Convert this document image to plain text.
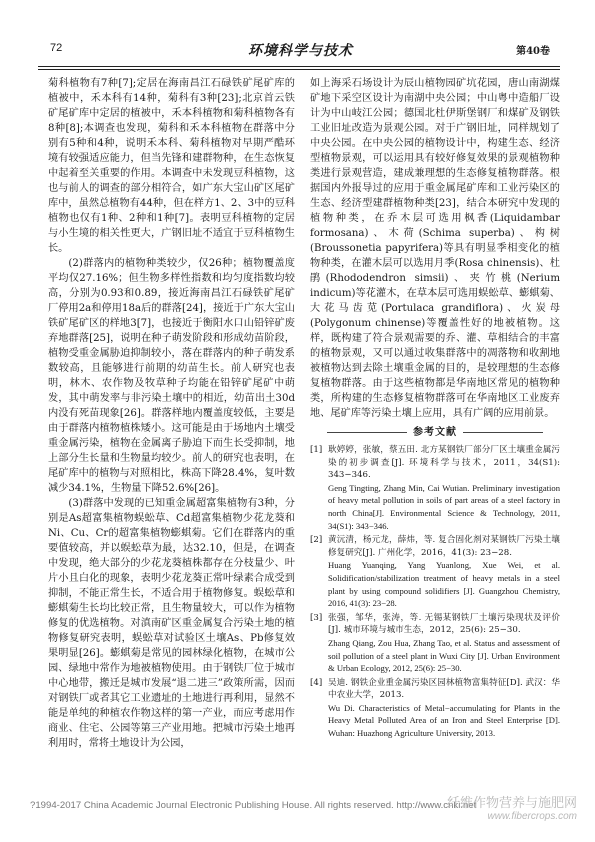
72	环境科学与技术	第40卷

菊科植物有7种[7];定居在海南昌江石碌铁矿尾矿库的植被中，禾本科有14种，菊科有3种[23];北京首云铁矿尾矿库中定居的植被中，禾本科植物和菊科植物各有8种[8];本调查也发现，菊科和禾本科植物在群落中分别有5种和4种，说明禾本科、菊科植物对早期严酷环境有较强适应能力，但当先锋和建群物种，在生态恢复中起着至关重要的作用。本调查中未发现豆科植物，这也与前人的调查的部分相符合，如广东大宝山矿区尾矿库中，虽然总植物有44种，但在样方1、2、3中的豆科植物也仅有1种、2种和1种[7]。表明豆科植物的定居与小生境的相关性更大，广钢旧址不适宜于豆科植物生长。

(2)群落内的植物种类较少，仅26种；植物覆盖度平均仅27.16%；但生物多样性指数和均匀度指数均较高，分别为0.93和0.89，接近海南昌江石碌铁矿尾矿厂停用2a和停用18a后的群落[24]，接近于广东大宝山铁矿尾矿区的样地3[7]，也接近于衡阳水口山铅锌矿废弃地群落[25]，说明在种子萌发阶段和形成幼苗阶段，植物受重金属胁迫抑制较小，落在群落内的种子萌发系数较高，且能够进行前期的幼苗生长。前人研究也表明，林木、农作物及牧草种子均能在铅锌矿尾矿中萌发，其中萌发率与非污染土壤中的相近，幼苗出土30d内没有死苗现象[26]。群落样地内覆盖度较低，主要是由于群落内植物植株矮小。这可能是由于场地内土壤受重金属污染，植物在金属离子胁迫下而生长受抑制，地上部分生长量和生物量均较少。前人的研究也表明，在尾矿库中的植物与对照相比，株高下降28.4%，复叶数减少34.1%，生物量下降52.6%[26]。

(3)群落中发现的已知重金属超富集植物有3种，分别是As超富集植物蜈蚣草、Cd超富集植物少花龙葵和Ni、Cu、Cr的超富集植物蟛蜞菊。它们在群落内的重要值较高，并以蜈蚣草为最，达32.10，但是，在调查中发现，绝大部分的少花龙葵植株都存在分枝量少、叶片小且白化的现象，表明少花龙葵正常叶绿素合成受到抑制，不能正常生长，不适合用于植物修复。蜈蚣草和蟛蜞菊生长均比较正常，且生物量较大，可以作为植物修复的优选植物。对滇南矿区重金属复合污染土地的植物修复研究表明，蜈蚣草对试验区土壤As、Pb修复效果明显[26]。蟛蜞菊是常见的园林绿化植物，在城市公园、绿地中常作为地被植物使用。由于钢铁厂位于城市中心地带，搬迁是城市发展“退二进三”政策所需，因而对钢铁厂或者其它工业遗址的土地进行再利用，显然不能是单纯的种植农作物这样的第一产业，而应考虑用作商业、住宅、公园等第三产业用地。把城市污染土地再利用时，常将土地设计为公园，

如上海采石场设计为辰山植物园矿坑花园，唐山南湖煤矿地下采空区设计为南湖中央公园；中山粤中造船厂设计为中山岐江公园；德国北杜伊斯堡钢厂和煤矿及钢铁工业旧址改造为景观公园。对于广钢旧址，同样规划了中央公园。在中央公园的植物设计中，构建生态、经济型植物景观，可以运用具有较好修复效果的景观植物种类进行景观营造，建成兼理想的生态修复植物群落。根据国内外报导过的应用于重金属尾矿库和工业污染区的生态、经济型建群植物种类[23]，结合本研究中发现的植物种类，在乔木层可选用枫香(Liquidambar formosana)、木荷(Schima superba)、构树(Broussonetia papyrifera)等具有明显季相变化的植物种类，在灌木层可以选用月季(Rosa chinensis)、杜鹃(Rhododendron simsii)、夹竹桃(Nerium indicum)等花灌木，在草本层可选用蜈蚣草、蟛蜞菊、大花马齿苋(Portulaca grandiflora)、火炭母(Polygonum chinense)等覆盖性好的地被植物。这样，既构建了符合景观需要的乔、灌、草相结合的丰富的植物景观，又可以通过收集群落中的凋落物和收割地被植物达到去除土壤重金属的目的，是较理想的生态修复植物群落。由于这些植物都是华南地区常见的植物种类，所构建的生态修复植物群落可在华南地区工业废弃地、尾矿库等污染土壤上应用，具有广阔的应用前景。

参考文献
[1] 耿婷婷，张敏，蔡五田. 北方某钢铁厂部分厂区土壤重金属污染的初步调查[J]. 环境科学与技术，2011，34(S1): 343−346.
Geng Tingting, Zhang Min, Cai Wutian. Preliminary investigation of heavy metal pollution in soils of part areas of a steel factory in north China[J]. Environmental Science & Technology, 2011, 34(S1): 343−346.
[2] 黄沅清，杨元龙，薛炜，等. 复合固化剂对某钢铁厂污染土壤修复研究[J]. 广州化学，2016，41(3): 23−28.
Huang Yuanqing, Yang Yuanlong, Xue Wei, et al. Solidification/stabilization treatment of heavy metals in a steel plant by using compound solidifiers [J]. Guangzhou Chemistry, 2016, 41(3): 23−28.
[3] 张强，邹华，张涛，等. 无锡某钢铁厂土壤污染现状及评价[J]. 城市环境与城市生态，2012，25(6): 25−30.
Zhang Qiang, Zou Hua, Zhang Tao, et al. Status and assessment of soil pollution of a steel plant in Wuxi City [J]. Urban Environment & Urban Ecology, 2012, 25(6): 25−30.
[4] 吴迪. 钢铁企业重金属污染区园林植物富集特征[D]. 武汉：华中农业大学，2013.
Wu Di. Characteristics of Metal−accumulating for Plants in the Heavy Metal Polluted Area of an Iron and Steel Enterprise [D]. Wuhan: Huazhong Agriculture University, 2013.
?1994-2017 China Academic Journal Electronic Publishing House. All rights reserved. http://www.cnki.net
纤维作物营养与施肥网
www.fibercrops.com
